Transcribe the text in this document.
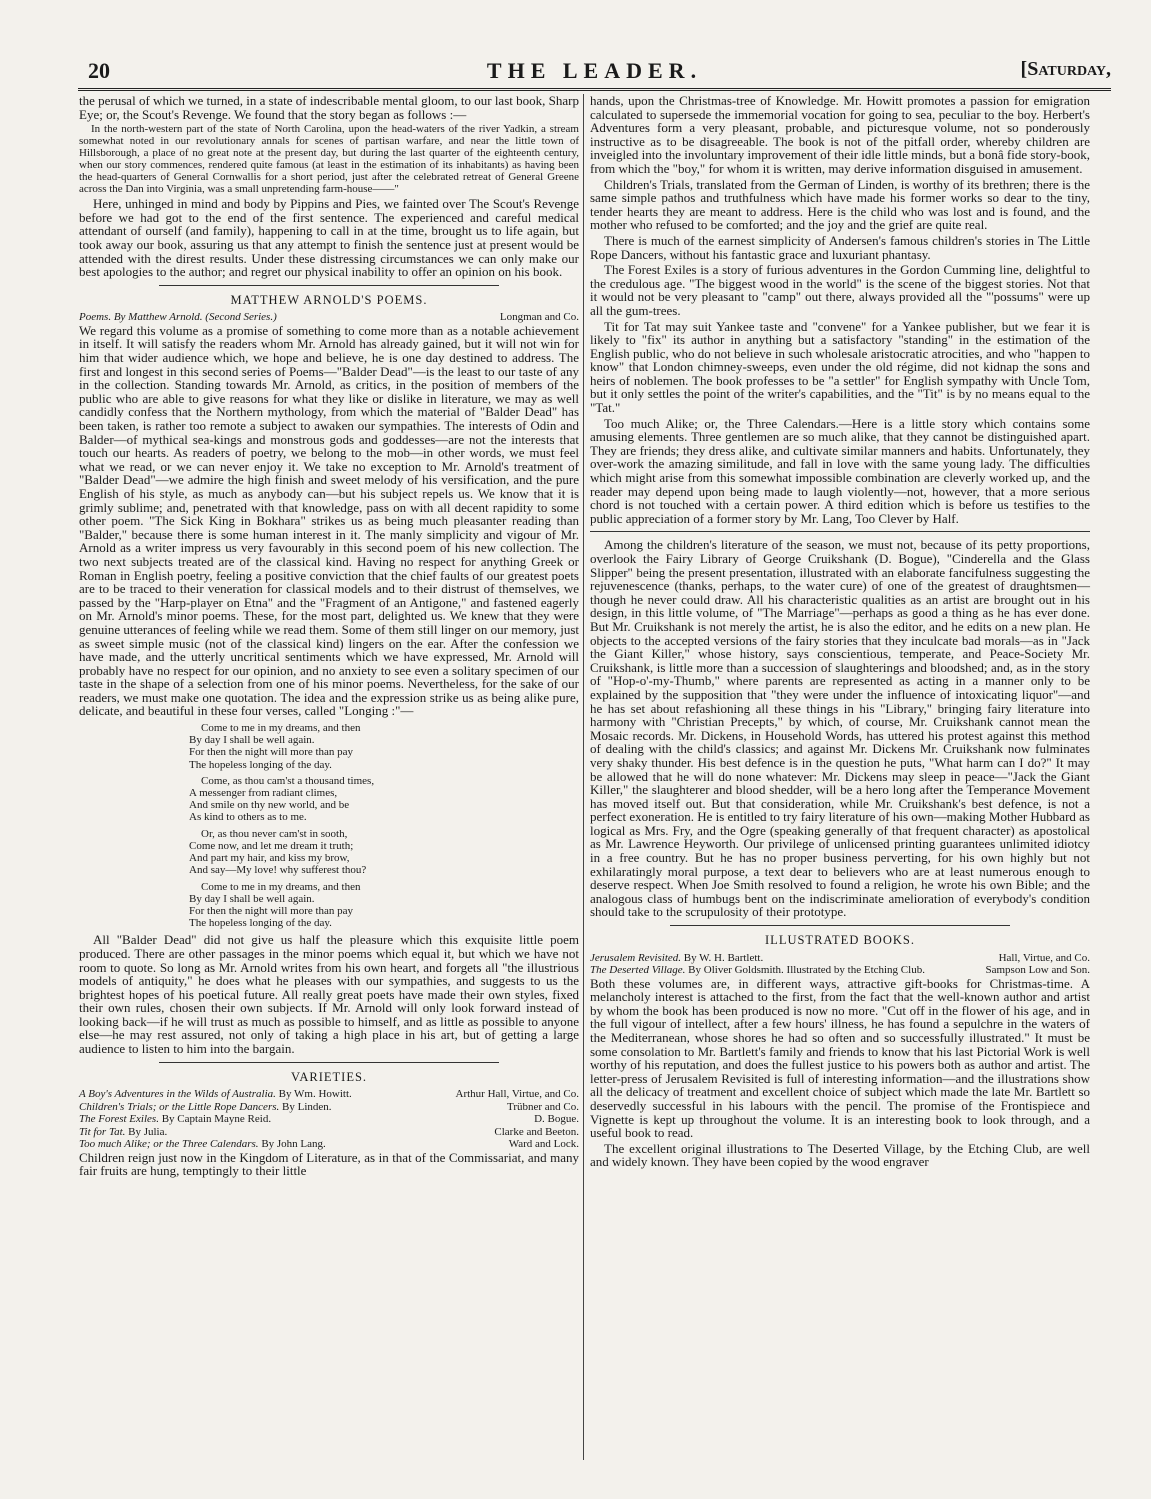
20	THE LEADER.	[Saturday,

the perusal of which we turned, in a state of indescribable mental gloom, to our last book, Sharp Eye; or, the Scout's Revenge. We found that the story began as follows :—

In the north-western part of the state of North Carolina, upon the head-waters of the river Yadkin, a stream somewhat noted in our revolutionary annals for scenes of partisan warfare, and near the little town of Hillsborough, a place of no great note at the present day, but during the last quarter of the eighteenth century, when our story commences, rendered quite famous (at least in the estimation of its inhabitants) as having been the head-quarters of General Cornwallis for a short period, just after the celebrated retreat of General Greene across the Dan into Virginia, was a small unpretending farm-house——"

Here, unhinged in mind and body by Pippins and Pies, we fainted over The Scout's Revenge before we had got to the end of the first sentence. The experienced and careful medical attendant of ourself (and family), happening to call in at the time, brought us to life again, but took away our book, assuring us that any attempt to finish the sentence just at present would be attended with the direst results. Under these distressing circumstances we can only make our best apologies to the author; and regret our physical inability to offer an opinion on his book.

MATTHEW ARNOLD'S POEMS.
Poems. By Matthew Arnold. (Second Series.)	Longman and Co.

We regard this volume as a promise of something to come more than as a notable achievement in itself. It will satisfy the readers whom Mr. Arnold has already gained, but it will not win for him that wider audience which, we hope and believe, he is one day destined to address. The first and longest in this second series of Poems—"Balder Dead"—is the least to our taste of any in the collection. Standing towards Mr. Arnold, as critics, in the position of members of the public who are able to give reasons for what they like or dislike in literature, we may as well candidly confess that the Northern mythology, from which the material of "Balder Dead" has been taken, is rather too remote a subject to awaken our sympathies. The interests of Odin and Balder—of mythical sea-kings and monstrous gods and goddesses—are not the interests that touch our hearts. As readers of poetry, we belong to the mob—in other words, we must feel what we read, or we can never enjoy it. We take no exception to Mr. Arnold's treatment of "Balder Dead"—we admire the high finish and sweet melody of his versification, and the pure English of his style, as much as anybody can—but his subject repels us. We know that it is grimly sublime; and, penetrated with that knowledge, pass on with all decent rapidity to some other poem. "The Sick King in Bokhara" strikes us as being much pleasanter reading than "Balder," because there is some human interest in it. The manly simplicity and vigour of Mr. Arnold as a writer impress us very favourably in this second poem of his new collection. The two next subjects treated are of the classical kind. Having no respect for anything Greek or Roman in English poetry, feeling a positive conviction that the chief faults of our greatest poets are to be traced to their veneration for classical models and to their distrust of themselves, we passed by the "Harp-player on Etna" and the "Fragment of an Antigone," and fastened eagerly on Mr. Arnold's minor poems. These, for the most part, delighted us. We knew that they were genuine utterances of feeling while we read them. Some of them still linger on our memory, just as sweet simple music (not of the classical kind) lingers on the ear. After the confession we have made, and the utterly uncritical sentiments which we have expressed, Mr. Arnold will probably have no respect for our opinion, and no anxiety to see even a solitary specimen of our taste in the shape of a selection from one of his minor poems. Nevertheless, for the sake of our readers, we must make one quotation. The idea and the expression strike us as being alike pure, delicate, and beautiful in these four verses, called "Longing :"—

Come to me in my dreams, and then
By day I shall be well again.
For then the night will more than pay
The hopeless longing of the day.
Come, as thou cam'st a thousand times,
A messenger from radiant climes,
And smile on thy new world, and be
As kind to others as to me.
Or, as thou never cam'st in sooth,
Come now, and let me dream it truth;
And part my hair, and kiss my brow,
And say—My love! why sufferest thou?
Come to me in my dreams, and then
By day I shall be well again.
For then the night will more than pay
The hopeless longing of the day.

All "Balder Dead" did not give us half the pleasure which this exquisite little poem produced. There are other passages in the minor poems which equal it, but which we have not room to quote. So long as Mr. Arnold writes from his own heart, and forgets all "the illustrious models of antiquity," he does what he pleases with our sympathies, and suggests to us the brightest hopes of his poetical future. All really great poets have made their own styles, fixed their own rules, chosen their own subjects. If Mr. Arnold will only look forward instead of looking back—if he will trust as much as possible to himself, and as little as possible to anyone else—he may rest assured, not only of taking a high place in his art, but of getting a large audience to listen to him into the bargain.

VARIETIES.
A Boy's Adventures in the Wilds of Australia. By Wm. Howitt.	Arthur Hall, Virtue, and Co.
Children's Trials; or the Little Rope Dancers. By Linden.	Trübner and Co.
The Forest Exiles. By Captain Mayne Reid.	D. Bogue.
Tit for Tat. By Julia.	Clarke and Beeton.
Too much Alike; or the Three Calendars. By John Lang.	Ward and Lock.

Children reign just now in the Kingdom of Literature, as in that of the Commissariat, and many fair fruits are hung, temptingly to their little

hands, upon the Christmas-tree of Knowledge. Mr. Howitt promotes a passion for emigration calculated to supersede the immemorial vocation for going to sea, peculiar to the boy. Herbert's Adventures form a very pleasant, probable, and picturesque volume, not so ponderously instructive as to be disagreeable. The book is not of the pitfall order, whereby children are inveigled into the involuntary improvement of their idle little minds, but a bonâ fide story-book, from which the "boy," for whom it is written, may derive information disguised in amusement.

Children's Trials, translated from the German of Linden, is worthy of its brethren; there is the same simple pathos and truthfulness which have made his former works so dear to the tiny, tender hearts they are meant to address. Here is the child who was lost and is found, and the mother who refused to be comforted; and the joy and the grief are quite real.

There is much of the earnest simplicity of Andersen's famous children's stories in The Little Rope Dancers, without his fantastic grace and luxuriant phantasy.

The Forest Exiles is a story of furious adventures in the Gordon Cumming line, delightful to the credulous age. "The biggest wood in the world" is the scene of the biggest stories. Not that it would not be very pleasant to "camp" out there, always provided all the "'possums" were up all the gum-trees.

Tit for Tat may suit Yankee taste and "convene" for a Yankee publisher, but we fear it is likely to "fix" its author in anything but a satisfactory "standing" in the estimation of the English public, who do not believe in such wholesale aristocratic atrocities, and who "happen to know" that London chimney-sweeps, even under the old régime, did not kidnap the sons and heirs of noblemen. The book professes to be "a settler" for English sympathy with Uncle Tom, but it only settles the point of the writer's capabilities, and the "Tit" is by no means equal to the "Tat."

Too much Alike; or, the Three Calendars.—Here is a little story which contains some amusing elements. Three gentlemen are so much alike, that they cannot be distinguished apart. They are friends; they dress alike, and cultivate similar manners and habits. Unfortunately, they over-work the amazing similitude, and fall in love with the same young lady. The difficulties which might arise from this somewhat impossible combination are cleverly worked up, and the reader may depend upon being made to laugh violently—not, however, that a more serious chord is not touched with a certain power. A third edition which is before us testifies to the public appreciation of a former story by Mr. Lang, Too Clever by Half.

Among the children's literature of the season, we must not, because of its petty proportions, overlook the Fairy Library of George Cruikshank (D. Bogue), "Cinderella and the Glass Slipper" being the present presentation, illustrated with an elaborate fancifulness suggesting the rejuvenescence (thanks, perhaps, to the water cure) of one of the greatest of draughtsmen—though he never could draw. All his characteristic qualities as an artist are brought out in his design, in this little volume, of "The Marriage"—perhaps as good a thing as he has ever done. But Mr. Cruikshank is not merely the artist, he is also the editor, and he edits on a new plan. He objects to the accepted versions of the fairy stories that they inculcate bad morals—as in "Jack the Giant Killer," whose history, says conscientious, temperate, and Peace-Society Mr. Cruikshank, is little more than a succession of slaughterings and bloodshed; and, as in the story of "Hop-o'-my-Thumb," where parents are represented as acting in a manner only to be explained by the supposition that "they were under the influence of intoxicating liquor"—and he has set about refashioning all these things in his "Library," bringing fairy literature into harmony with "Christian Precepts," by which, of course, Mr. Cruikshank cannot mean the Mosaic records. Mr. Dickens, in Household Words, has uttered his protest against this method of dealing with the child's classics; and against Mr. Dickens Mr. Cruikshank now fulminates very shaky thunder. His best defence is in the question he puts, "What harm can I do?" It may be allowed that he will do none whatever: Mr. Dickens may sleep in peace—"Jack the Giant Killer," the slaughterer and blood shedder, will be a hero long after the Temperance Movement has moved itself out. But that consideration, while Mr. Cruikshank's best defence, is not a perfect exoneration. He is entitled to try fairy literature of his own—making Mother Hubbard as logical as Mrs. Fry, and the Ogre (speaking generally of that frequent character) as apostolical as Mr. Lawrence Heyworth. Our privilege of unlicensed printing guarantees unlimited idiotcy in a free country. But he has no proper business perverting, for his own highly but not exhilaratingly moral purpose, a text dear to believers who are at least numerous enough to deserve respect. When Joe Smith resolved to found a religion, he wrote his own Bible; and the analogous class of humbugs bent on the indiscriminate amelioration of everybody's condition should take to the scrupulosity of their prototype.

ILLUSTRATED BOOKS.
Jerusalem Revisited. By W. H. Bartlett.	Hall, Virtue, and Co.
The Deserted Village. By Oliver Goldsmith. Illustrated by the Etching Club.	Sampson Low and Son.

Both these volumes are, in different ways, attractive gift-books for Christmas-time. A melancholy interest is attached to the first, from the fact that the well-known author and artist by whom the book has been produced is now no more. "Cut off in the flower of his age, and in the full vigour of intellect, after a few hours' illness, he has found a sepulchre in the waters of the Mediterranean, whose shores he had so often and so successfully illustrated." It must be some consolation to Mr. Bartlett's family and friends to know that his last Pictorial Work is well worthy of his reputation, and does the fullest justice to his powers both as author and artist. The letter-press of Jerusalem Revisited is full of interesting information—and the illustrations show all the delicacy of treatment and excellent choice of subject which made the late Mr. Bartlett so deservedly successful in his labours with the pencil. The promise of the Frontispiece and Vignette is kept up throughout the volume. It is an interesting book to look through, and a useful book to read.

The excellent original illustrations to The Deserted Village, by the Etching Club, are well and widely known. They have been copied by the wood engraver
